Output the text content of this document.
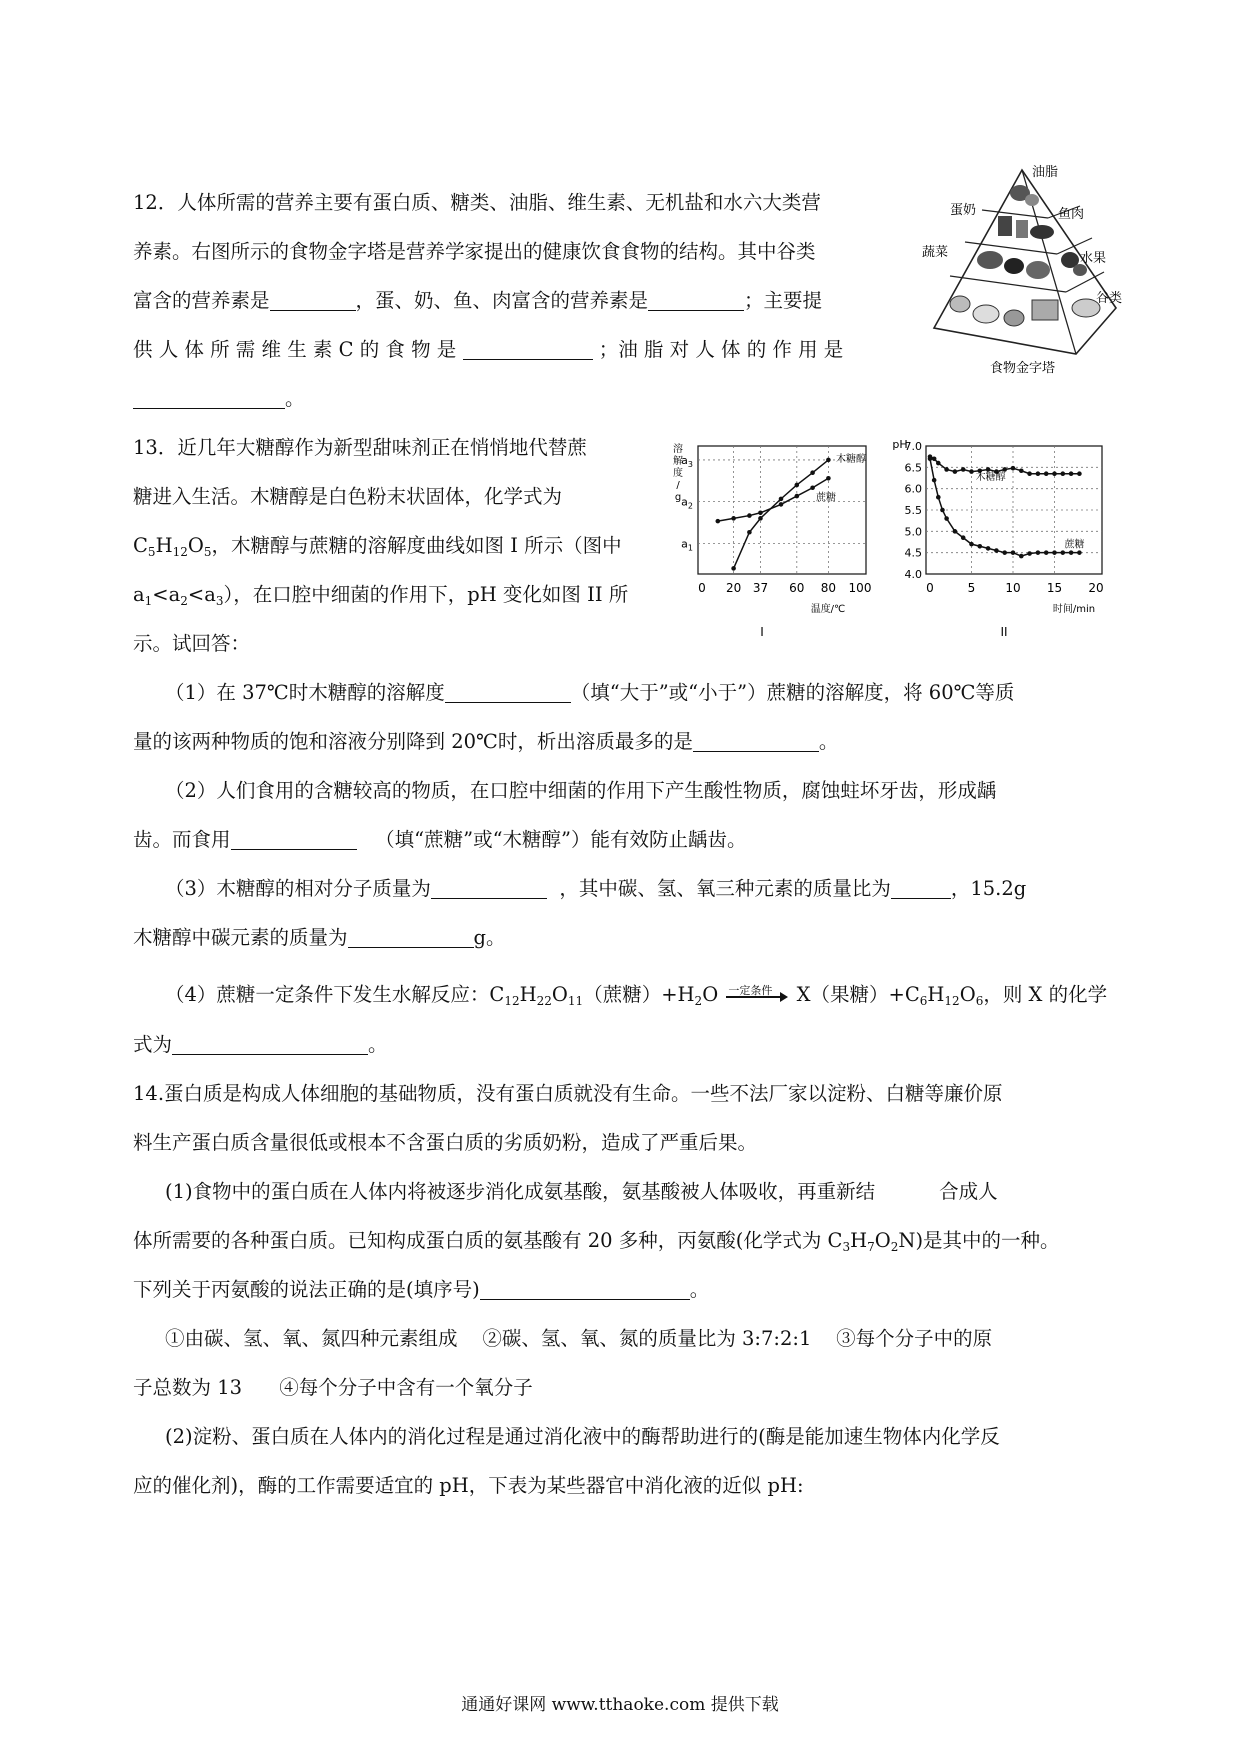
12．人体所需的营养主要有蛋白质、糖类、油脂、维生素、无机盐和水六大类营
养素。右图所示的食物金字塔是营养学家提出的健康饮食食物的结构。其中谷类
富含的营养素是	，蛋、奶、鱼、肉富含的营养素是	；主要提
供 人 体 所 需 维 生 素 C 的 食 物 是	；油 脂 对 人 体 的 作 用 是
。
油脂
蛋奶	鱼肉
蔬菜	水果
谷类
食物金字塔
13．近几年大糖醇作为新型甜味剂正在悄悄地代替蔗
糖进入生活。木糖醇是白色粉末状固体，化学式为
$C_5H_{12}O_5$，木糖醇与蔗糖的溶解度曲线如图 I 所示（图中
$a_1<a_2<a_3$），在口腔中细菌的作用下，pH 变化如图 II 所
示。试回答：
0 20 37 60 80 100
$a_1$
$a_2$
$a_3$
溶
解
度
/
g
温度/℃
I
木糖醇
蔗糖
0	5	10 15 20
4.0
4.5
5.0
5.5
6.0
6.5
7.0
pH
时间/min
II
木糖醇
蔗糖
（1）在 37℃时木糖醇的溶解度	（填“大于”或“小于”）蔗糖的溶解度，将 60℃等质
量的该两种物质的饱和溶液分别降到 20℃时，析出溶质最多的是	。
（2）人们食用的含糖较高的物质，在口腔中细菌的作用下产生酸性物质，腐蚀蛀坏牙齿，形成龋
齿。而食用	（填“蔗糖”或“木糖醇”）能有效防止龋齿。
（3）木糖醇的相对分子质量为	，其中碳、氢、氧三种元素的质量比为	，15.2g
木糖醇中碳元素的质量为	g。
（4）蔗糖一定条件下发生水解反应：$C_{12}H_{22}O_{11}$（蔗糖）$+H_2O$ 一定条件 X（果糖）$+C_6H_{12}O_6$，则 X 的化学
式为	。
14.蛋白质是构成人体细胞的基础物质，没有蛋白质就没有生命。一些不法厂家以淀粉、白糖等廉价原
料生产蛋白质含量很低或根本不含蛋白质的劣质奶粉，造成了严重后果。
(1)食物中的蛋白质在人体内将被逐步消化成氨基酸，氨基酸被人体吸收，再重新结	合成人
体所需要的各种蛋白质。已知构成蛋白质的氨基酸有 20 多种，丙氨酸(化学式为 $C_3H_7O_2N$)是其中的一种。
下列关于丙氨酸的说法正确的是(填序号)	。
①由碳、氢、氧、氮四种元素组成 ②碳、氢、氧、氮的质量比为 3:7:2:1 ③每个分子中的原
子总数为 13 ④每个分子中含有一个氧分子
(2)淀粉、蛋白质在人体内的消化过程是通过消化液中的酶帮助进行的(酶是能加速生物体内化学反
应的催化剂)，酶的工作需要适宜的 pH，下表为某些器官中消化液的近似 pH:
通通好课网 www.tthaoke.com 提供下载
